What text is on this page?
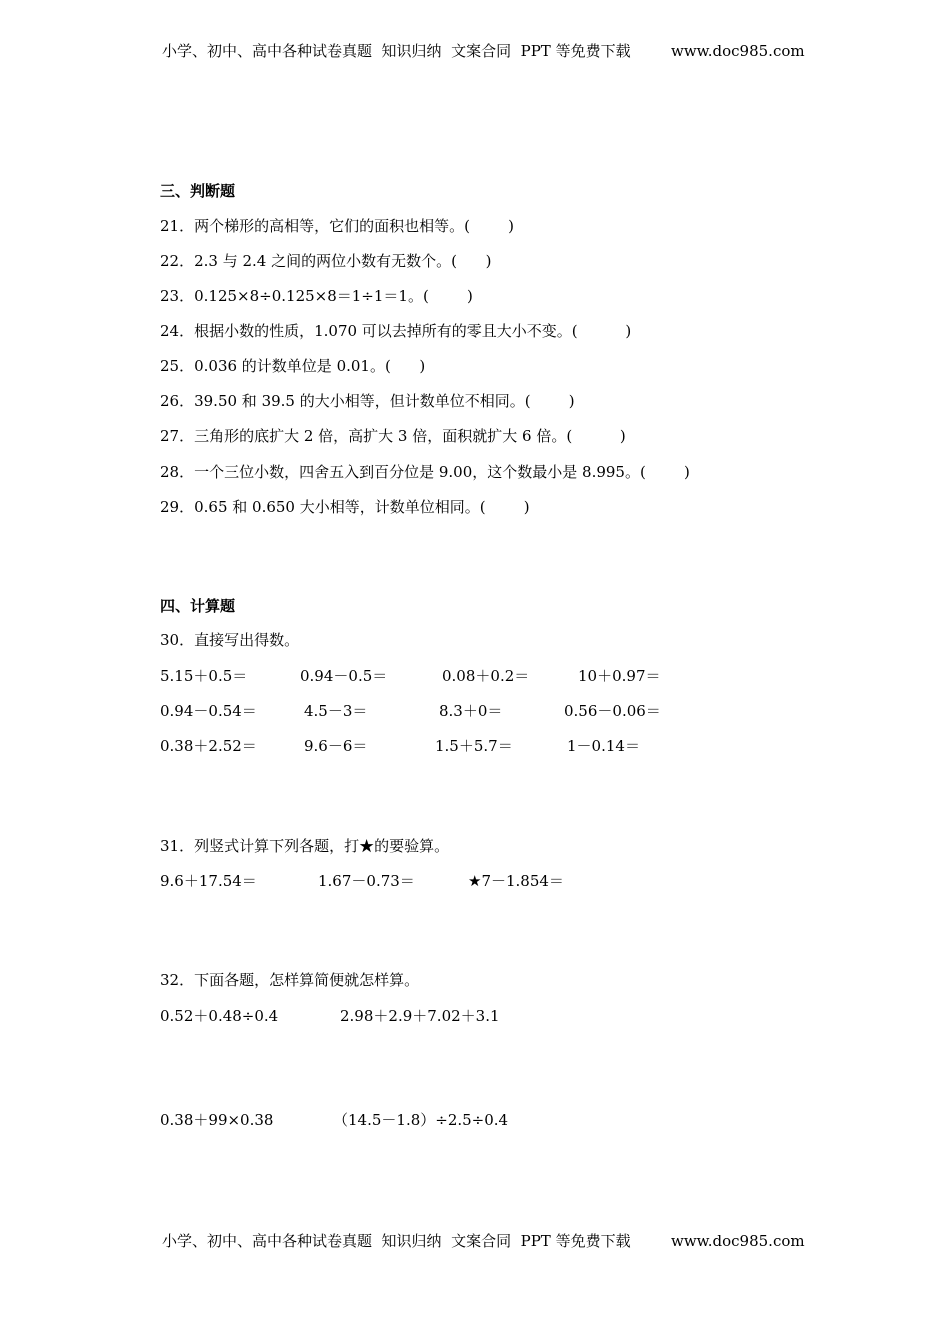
小学、初中、高中各种试卷真题  知识归纳  文案合同  PPT 等免费下载	www.doc985.com
三、判断题
21．两个梯形的高相等，它们的面积也相等。(        )
22．2.3 与 2.4 之间的两位小数有无数个。(      )
23．0.125×8÷0.125×8＝1÷1＝1。(        )
24．根据小数的性质，1.070 可以去掉所有的零且大小不变。(          )
25．0.036 的计数单位是 0.01。(      )
26．39.50 和 39.5 的大小相等，但计数单位不相同。(        )
27．三角形的底扩大 2 倍，高扩大 3 倍，面积就扩大 6 倍。(          )
28．一个三位小数，四舍五入到百分位是 9.00，这个数最小是 8.995。(        )
29．0.65 和 0.650 大小相等，计数单位相同。(        )
四、计算题
30．直接写出得数。
5.15＋0.5＝	0.94－0.5＝	0.08＋0.2＝	10＋0.97＝
0.94－0.54＝	4.5－3＝	8.3＋0＝	0.56－0.06＝
0.38＋2.52＝	9.6－6＝	1.5＋5.7＝	1－0.14＝
31．列竖式计算下列各题，打★的要验算。
9.6＋17.54＝	1.67－0.73＝	★7－1.854＝
32．下面各题，怎样算简便就怎样算。
0.52＋0.48÷0.4	2.98＋2.9＋7.02＋3.1
0.38＋99×0.38	（14.5－1.8）÷2.5÷0.4
小学、初中、高中各种试卷真题  知识归纳  文案合同  PPT 等免费下载	www.doc985.com
